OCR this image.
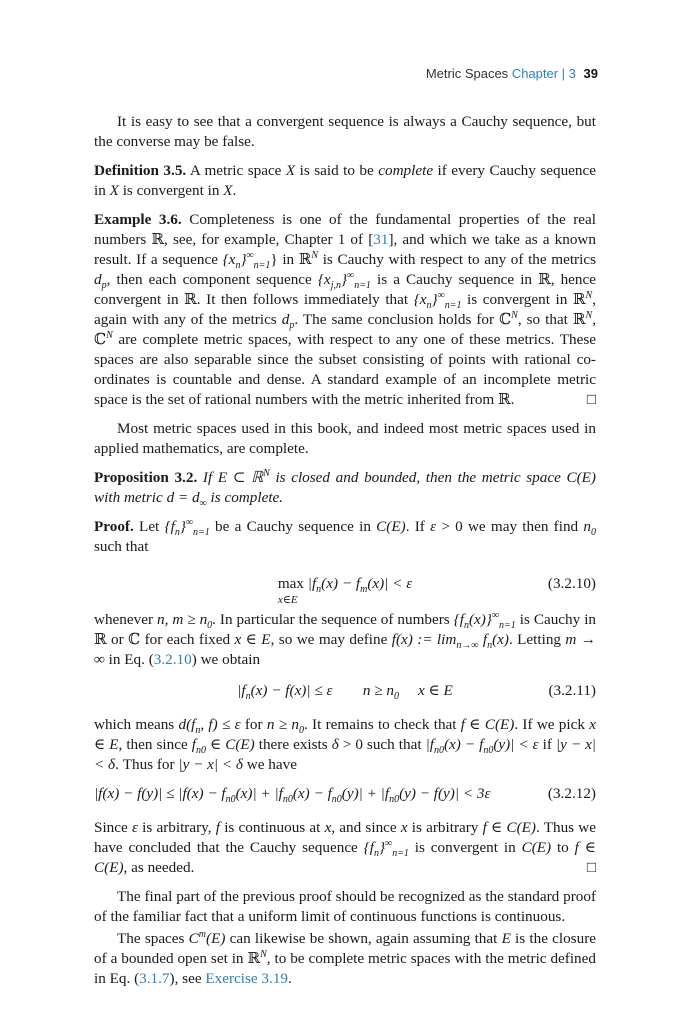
Metric Spaces Chapter | 3 39

It is easy to see that a convergent sequence is always a Cauchy sequence, but the converse may be false.

Definition 3.5. A metric space X is said to be complete if every Cauchy sequence in X is convergent in X.

Example 3.6. Completeness is one of the fundamental properties of the real numbers ℝ, see, for example, Chapter 1 of [31], and which we take as a known result. If a sequence $\{x_n\}^\infty_{n=1}$} in ℝ$^N$ is Cauchy with respect to any of the metrics $d_p$, then each component sequence $\{x_{j,n}\}^\infty_{n=1}$ is a Cauchy sequence in ℝ, hence convergent in ℝ. It then follows immediately that $\{x_n\}^\infty_{n=1}$ is convergent in ℝ$^N$, again with any of the metrics $d_p$. The same conclusion holds for ℂ$^N$, so that ℝ$^N$, ℂ$^N$ are complete metric spaces, with respect to any one of these metrics. These spaces are also separable since the subset consisting of points with rational co-ordinates is countable and dense. A standard example of an incomplete metric space is the set of rational numbers with the metric inherited from ℝ.	□

Most metric spaces used in this book, and indeed most metric spaces used in applied mathematics, are complete.

Proposition 3.2. If E ⊂ ℝ$^N$ is closed and bounded, then the metric space C(E) with metric $d = d_\infty$ is complete.

Proof. Let $\{f_n\}^\infty_{n=1}$ be a Cauchy sequence in C(E). If ε > 0 we may then find $n_0$ such that

max
x∈E
$|f_n(x) - f_m(x)| < \varepsilon$	(3.2.10)

whenever n, $m \ge n_0$. In particular the sequence of numbers $\{f_n(x)\}^\infty_{n=1}$ is Cauchy in ℝ or ℂ for each fixed x ∈ E, so we may define f(x) := $\lim_{n\to\infty} f_n(x)$. Letting m → ∞ in Eq. (3.2.10) we obtain

$|f_n(x) - f(x)| \le \varepsilon$ $n \ge n_0$ x ∈ E	(3.2.11)

which means $d(f_n$, f) ≤ ε for $n \ge n_0$. It remains to check that f ∈ C(E). If we pick x ∈ E, then since $f_{n0}$ ∈ C(E) there exists δ > 0 such that $|f_{n0}(x) - f_{n0}(y)| < \varepsilon$ if |y − x| < δ. Thus for |y − x| < δ we have

$|f(x) - f(y)| \le |f(x) - f_{n0}(x)| + |f_{n0}(x) - f_{n0}(y)| + |f_{n0}(y) - f(y)| < 3\varepsilon$	(3.2.12)

Since ε is arbitrary, f is continuous at x, and since x is arbitrary f ∈ C(E). Thus we have concluded that the Cauchy sequence $\{f_n\}^\infty_{n=1}$ is convergent in C(E) to f ∈ C(E), as needed.	□

The final part of the previous proof should be recognized as the standard proof of the familiar fact that a uniform limit of continuous functions is continuous.

The spaces $C^m(E)$ can likewise be shown, again assuming that E is the closure of a bounded open set in ℝ$^N$, to be complete metric spaces with the metric defined in Eq. (3.1.7), see Exercise 3.19.
